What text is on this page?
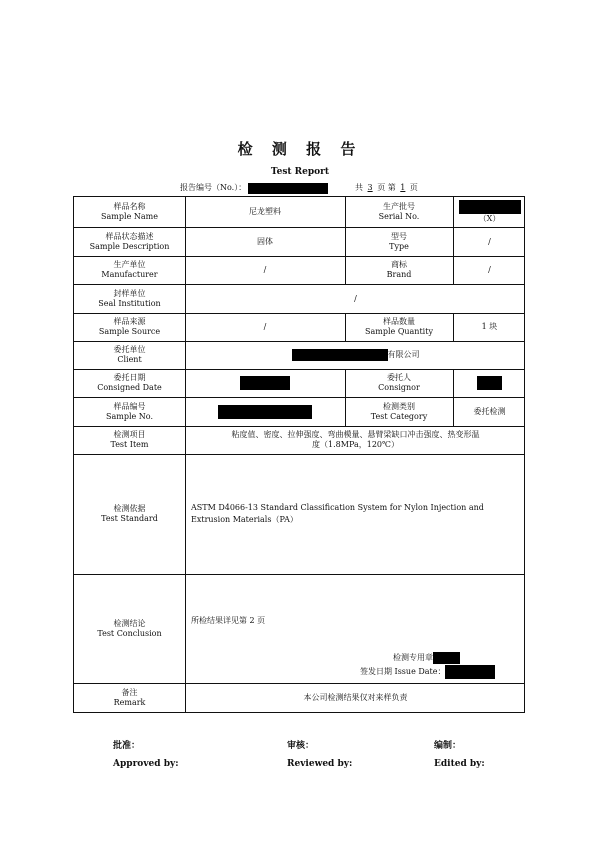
检 测 报 告
Test Report
报告编号（No.）：	共 3 页 第 1 页
样品名称
Sample Name
尼龙塑料
生产批号
Serial No.	（X）
样品状态描述
Sample Description
固体
型号
Type
/
生产单位
Manufacturer
/
商标
Brand
/
封样单位
Seal Institution
/
样品来源
Sample Source
/
样品数量
Sample Quantity
1 块
委托单位
Client
有限公司
委托日期
Consigned Date
委托人
Consignor
样品编号
Sample No.
检测类别
Test Category
委托检测
检测项目
Test Item
粘度值、密度、拉伸强度、弯曲模量、悬臂梁缺口冲击强度、热变形温
度（1.8MPa，120℃）
检测依据
Test Standard
ASTM D4066-13 Standard Classification System for Nylon Injection and
Extrusion Materials（PA）
检测结论
Test Conclusion
所检结果详见第 2 页
检测专用章
签发日期 Issue Date：
备注
Remark
本公司检测结果仅对来样负责
批准：
Approved by:
审核：
Reviewed by:
编制：
Edited by:
